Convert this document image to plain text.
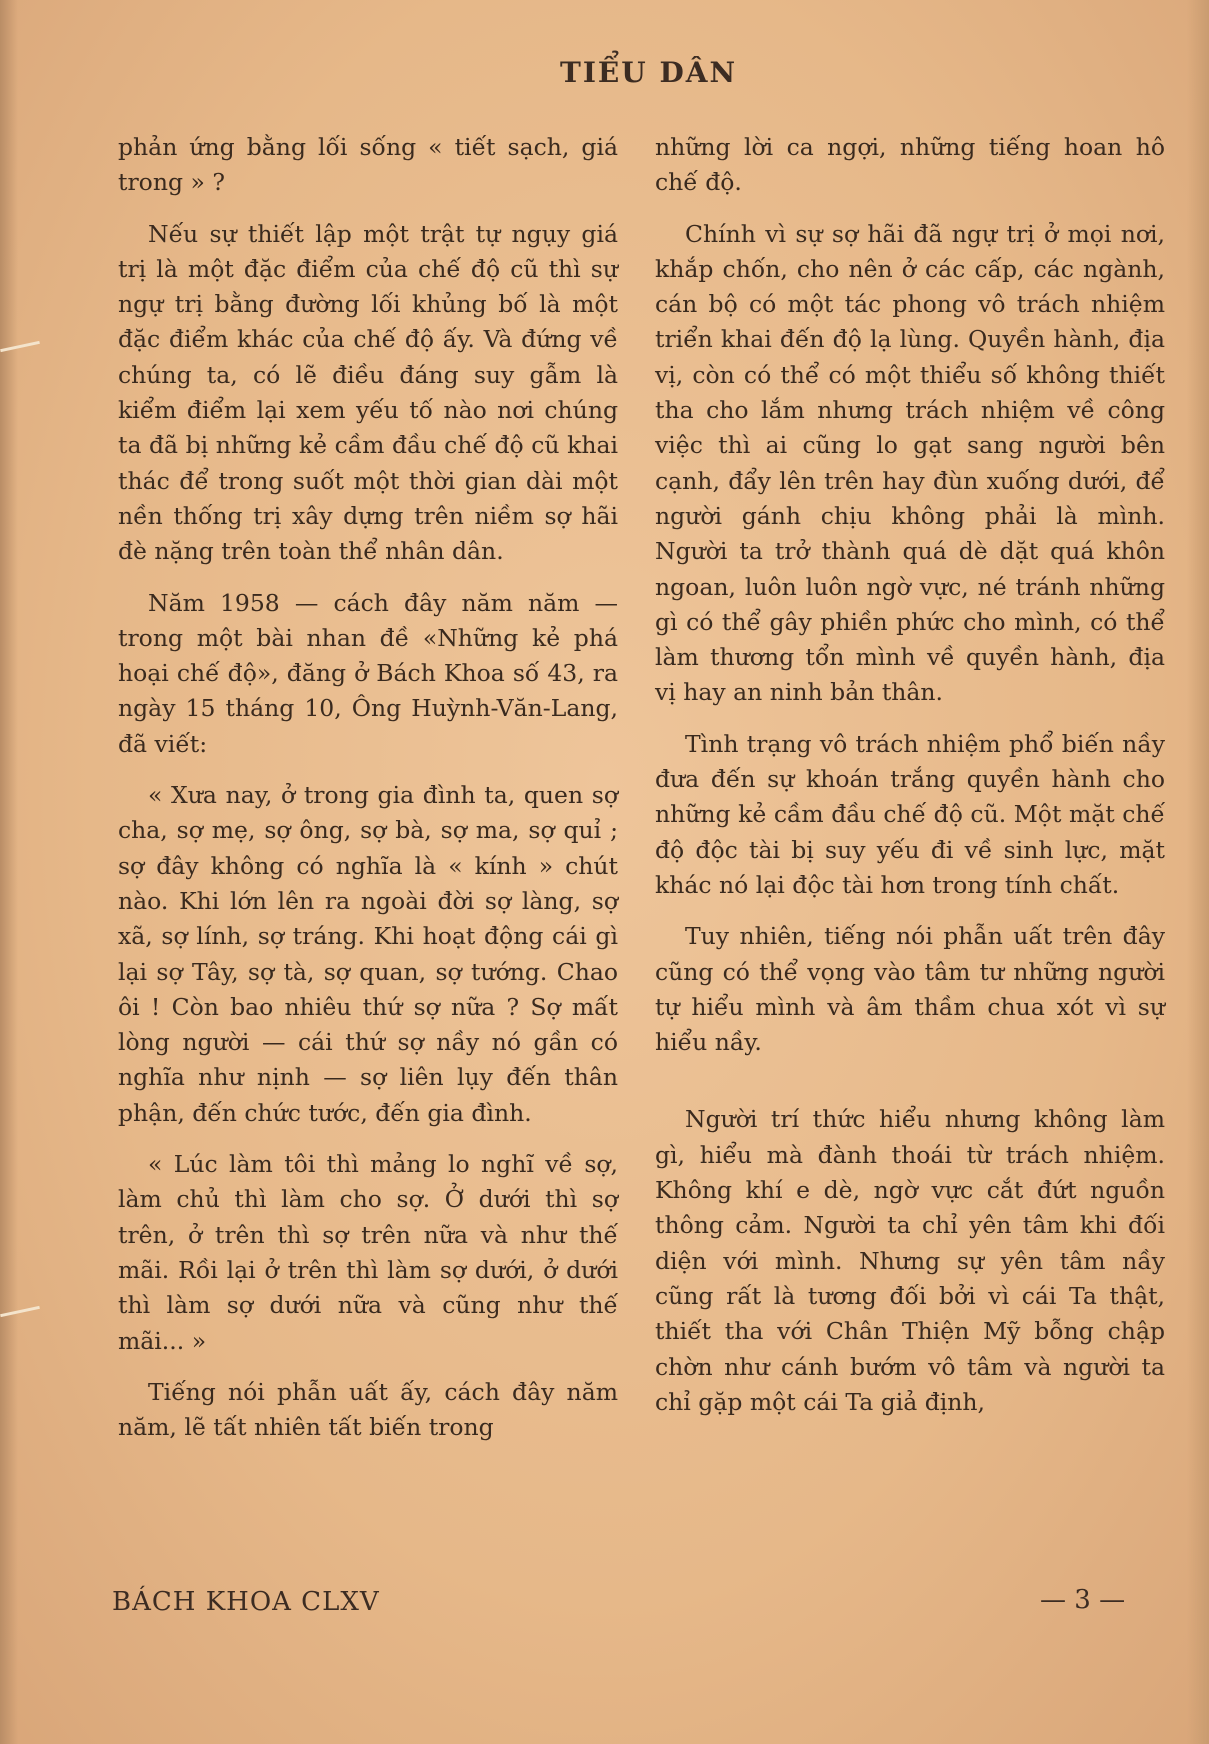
TIỂU DÂN

phản ứng bằng lối sống « tiết sạch, giá trong » ?

Nếu sự thiết lập một trật tự ngụy giá trị là một đặc điểm của chế độ cũ thì sự ngự trị bằng đường lối khủng bố là một đặc điểm khác của chế độ ấy. Và đứng về chúng ta, có lẽ điều đáng suy gẫm là kiểm điểm lại xem yếu tố nào nơi chúng ta đã bị những kẻ cầm đầu chế độ cũ khai thác để trong suốt một thời gian dài một nền thống trị xây dựng trên niềm sợ hãi đè nặng trên toàn thể nhân dân.

Năm 1958 — cách đây năm năm — trong một bài nhan đề «Những kẻ phá hoại chế độ», đăng ở Bách Khoa số 43, ra ngày 15 tháng 10, Ông Huỳnh-Văn-Lang, đã viết:

« Xưa nay, ở trong gia đình ta, quen sợ cha, sợ mẹ, sợ ông, sợ bà, sợ ma, sợ quỉ ; sợ đây không có nghĩa là « kính » chút nào. Khi lớn lên ra ngoài đời sợ làng, sợ xã, sợ lính, sợ tráng. Khi hoạt động cái gì lại sợ Tây, sợ tà, sợ quan, sợ tướng. Chao ôi ! Còn bao nhiêu thứ sợ nữa ? Sợ mất lòng người — cái thứ sợ nầy nó gần có nghĩa như nịnh — sợ liên lụy đến thân phận, đến chức tước, đến gia đình.

« Lúc làm tôi thì mảng lo nghĩ về sợ, làm chủ thì làm cho sợ. Ở dưới thì sợ trên, ở trên thì sợ trên nữa và như thế mãi. Rồi lại ở trên thì làm sợ dưới, ở dưới thì làm sợ dưới nữa và cũng như thế mãi... »

Tiếng nói phẫn uất ấy, cách đây năm năm, lẽ tất nhiên tất biến trong

những lời ca ngợi, những tiếng hoan hô chế độ.

Chính vì sự sợ hãi đã ngự trị ở mọi nơi, khắp chốn, cho nên ở các cấp, các ngành, cán bộ có một tác phong vô trách nhiệm triển khai đến độ lạ lùng. Quyền hành, địa vị, còn có thể có một thiểu số không thiết tha cho lắm nhưng trách nhiệm về công việc thì ai cũng lo gạt sang người bên cạnh, đẩy lên trên hay đùn xuống dưới, để người gánh chịu không phải là mình. Người ta trở thành quá dè dặt quá khôn ngoan, luôn luôn ngờ vực, né tránh những gì có thể gây phiền phức cho mình, có thể làm thương tổn mình về quyền hành, địa vị hay an ninh bản thân.

Tình trạng vô trách nhiệm phổ biến nầy đưa đến sự khoán trắng quyền hành cho những kẻ cầm đầu chế độ cũ. Một mặt chế độ độc tài bị suy yếu đi về sinh lực, mặt khác nó lại độc tài hơn trong tính chất.

Tuy nhiên, tiếng nói phẫn uất trên đây cũng có thể vọng vào tâm tư những người tự hiểu mình và âm thầm chua xót vì sự hiểu nầy.

Người trí thức hiểu nhưng không làm gì, hiểu mà đành thoái từ trách nhiệm. Không khí e dè, ngờ vực cắt đứt nguồn thông cảm. Người ta chỉ yên tâm khi đối diện với mình. Nhưng sự yên tâm nầy cũng rất là tương đối bởi vì cái Ta thật, thiết tha với Chân Thiện Mỹ bỗng chập chờn như cánh bướm vô tâm và người ta chỉ gặp một cái Ta giả định,

BÁCH KHOA CLXV	— 3 —
